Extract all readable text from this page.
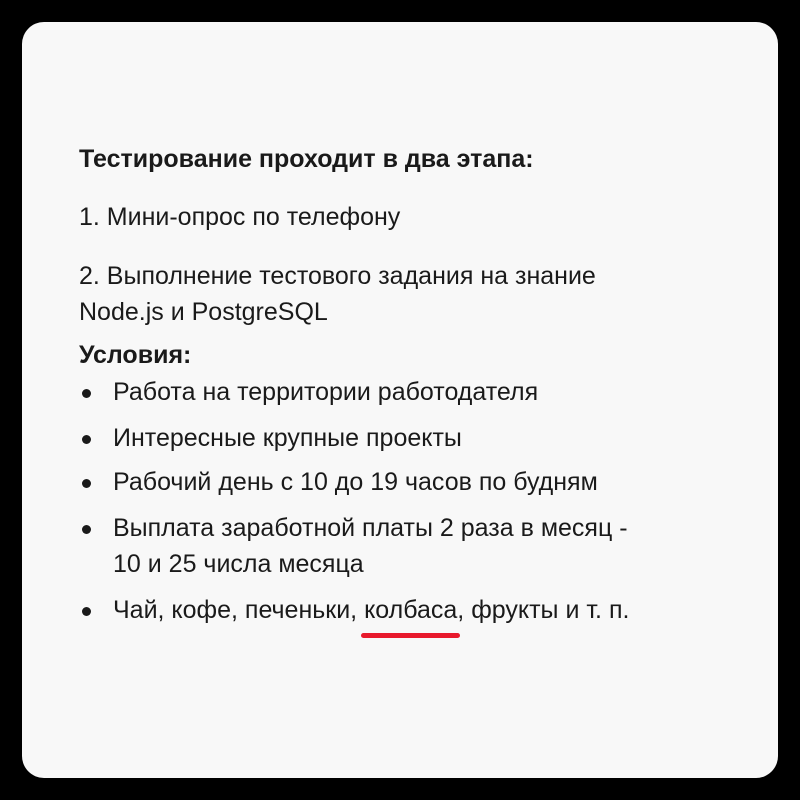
Тестирование проходит в два этапа:
1. Мини-опрос по телефону
2. Выполнение тестового задания на знание
Node.js и PostgreSQL
Условия:
Работа на территории работодателя
Интересные крупные проекты
Рабочий день с 10 до 19 часов по будням
Выплата заработной платы 2 раза в месяц -
10 и 25 числа месяца
Чай, кофе, печеньки, колбаса
, фрукты и т. п.
